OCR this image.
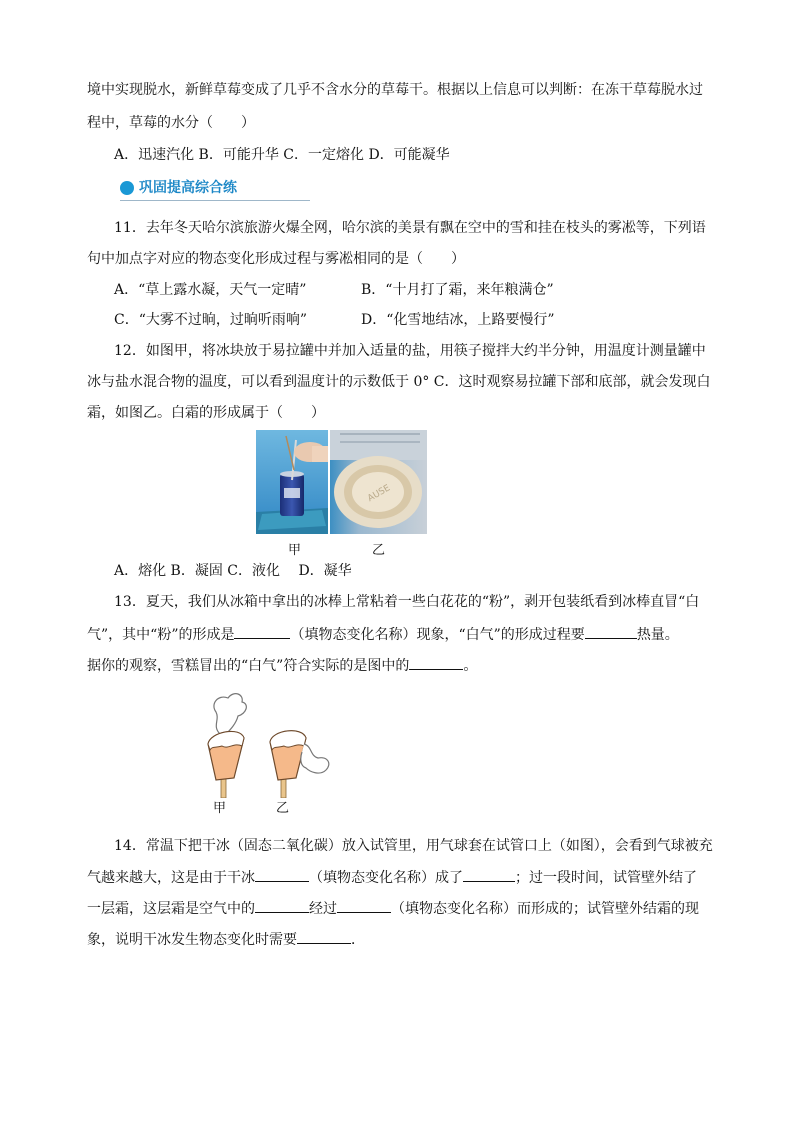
境中实现脱水，新鲜草莓变成了几乎不含水分的草莓干。根据以上信息可以判断：在冻干草莓脱水过
程中，草莓的水分（　　）
A．迅速汽化 B．可能升华 C．一定熔化 D．可能凝华
巩固提高综合练
11．去年冬天哈尔滨旅游火爆全网，哈尔滨的美景有飘在空中的雪和挂在枝头的雾凇等，下列语
句中加点字对应的物态变化形成过程与雾凇相同的是（　　）
A．“草上露水凝，天气一定晴”	B．“十月打了霜，来年粮满仓”
C．“大雾不过晌，过晌听雨响”	D．“化雪地结冰，上路要慢行”
12．如图甲，将冰块放于易拉罐中并加入适量的盐，用筷子搅拌大约半分钟，用温度计测量罐中
冰与盐水混合物的温度，可以看到温度计的示数低于 0° C．这时观察易拉罐下部和底部，就会发现白
霜，如图乙。白霜的形成属于（　　）
AUSE
甲	乙
A．熔化 B．凝固 C．液化　 D．凝华
13．夏天，我们从冰箱中拿出的冰棒上常粘着一些白花花的“粉”，剥开包装纸看到冰棒直冒“白
气”，其中“粉”的形成是	（填物态变化名称）现象，“白气”的形成过程要	热量。
据你的观察，雪糕冒出的“白气”符合实际的是图中的	。
甲	乙
14．常温下把干冰（固态二氧化碳）放入试管里，用气球套在试管口上（如图），会看到气球被充
气越来越大，这是由于干冰	（填物态变化名称）成了	；过一段时间，试管壁外结了
一层霜，这层霜是空气中的	经过	（填物态变化名称）而形成的；试管壁外结霜的现
象，说明干冰发生物态变化时需要	．
